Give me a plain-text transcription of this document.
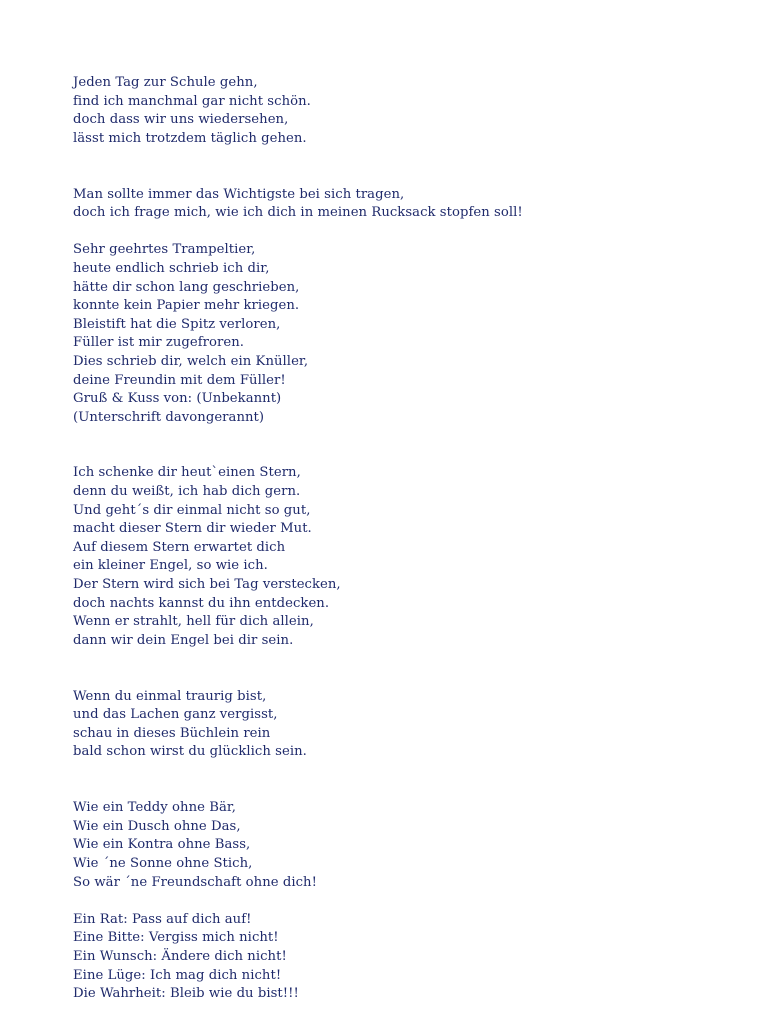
Jeden Tag zur Schule gehn,
find ich manchmal gar nicht schön.
doch dass wir uns wiedersehen,
lässt mich trotzdem täglich gehen.
Man sollte immer das Wichtigste bei sich tragen,
doch ich frage mich, wie ich dich in meinen Rucksack stopfen soll!
Sehr geehrtes Trampeltier,
heute endlich schrieb ich dir,
hätte dir schon lang geschrieben,
konnte kein Papier mehr kriegen.
Bleistift hat die Spitz verloren,
Füller ist mir zugefroren.
Dies schrieb dir, welch ein Knüller,
deine Freundin mit dem Füller!
Gruß & Kuss von: (Unbekannt)
(Unterschrift davongerannt)
Ich schenke dir heut`einen Stern,
denn du weißt, ich hab dich gern.
Und geht´s dir einmal nicht so gut,
macht dieser Stern dir wieder Mut.
Auf diesem Stern erwartet dich
ein kleiner Engel, so wie ich.
Der Stern wird sich bei Tag verstecken,
doch nachts kannst du ihn entdecken.
Wenn er strahlt, hell für dich allein,
dann wir dein Engel bei dir sein.
Wenn du einmal traurig bist,
und das Lachen ganz vergisst,
schau in dieses Büchlein rein
bald schon wirst du glücklich sein.
Wie ein Teddy ohne Bär,
Wie ein Dusch ohne Das,
Wie ein Kontra ohne Bass,
Wie ´ne Sonne ohne Stich,
So wär ´ne Freundschaft ohne dich!
Ein Rat: Pass auf dich auf!
Eine Bitte: Vergiss mich nicht!
Ein Wunsch: Ändere dich nicht!
Eine Lüge: Ich mag dich nicht!
Die Wahrheit: Bleib wie du bist!!!
